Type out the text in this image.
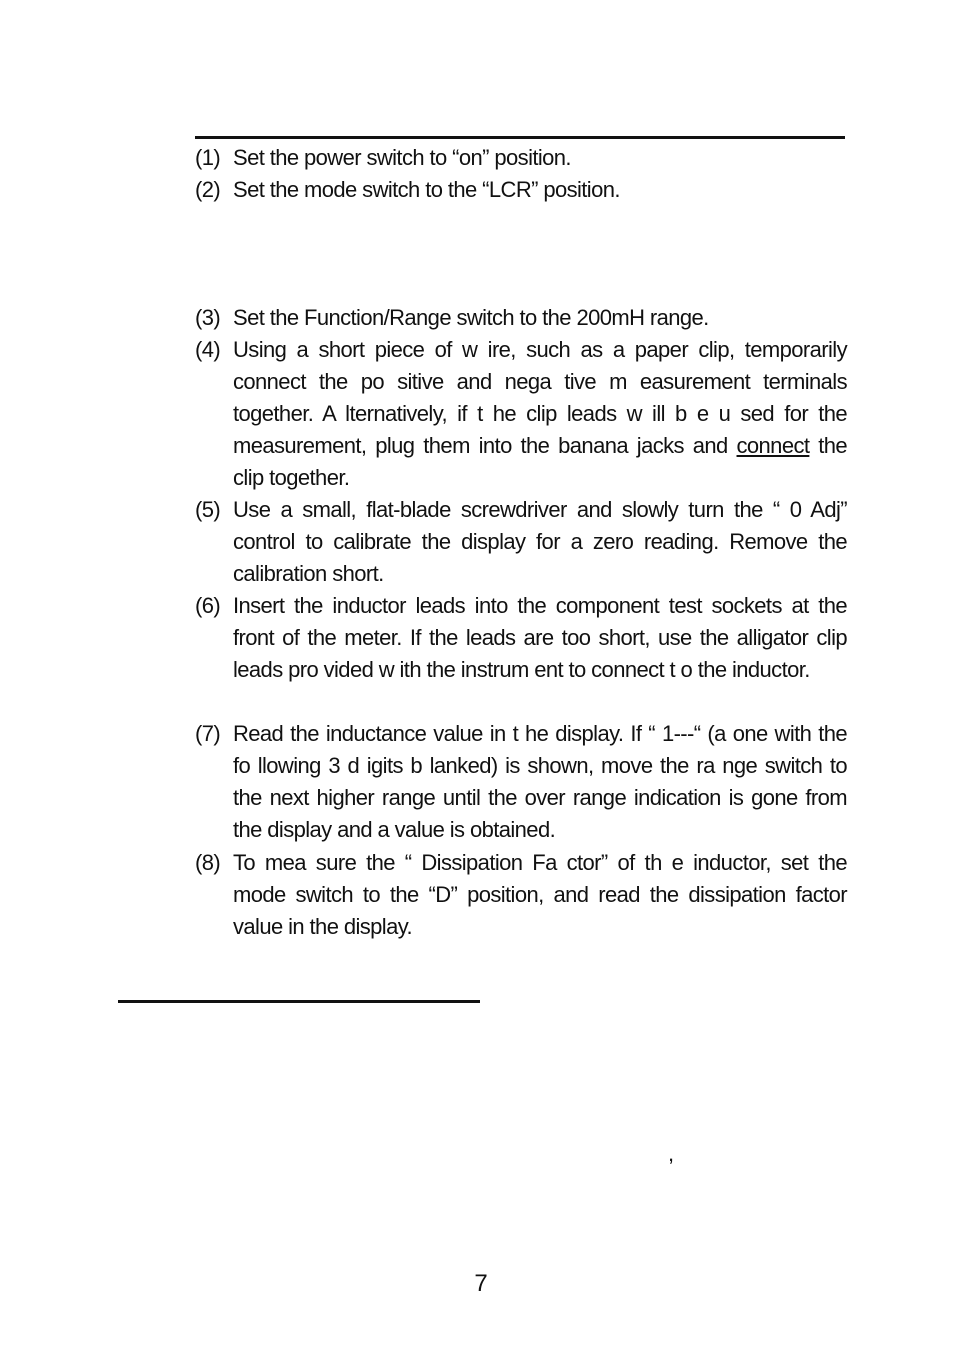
(1) Set the power switch to “on” position.
(2) Set the mode switch to the “LCR” position.
(3) Set the Function/Range switch to the 200mH range.
(4) Using a short piece of w ire, such as a paper clip, temporarily connect the po sitive and nega tive m easurement terminals together. A lternatively, if t he clip leads w ill b e u sed for the measurement, plug them into the banana jacks and connect the clip together.
(5) Use a small, flat-blade screwdriver and slowly turn the “ 0 Adj” control to calibrate the display for a zero reading. Remove the calibration short.
(6) Insert the inductor leads into the component test sockets at the front of the meter. If the leads are too short, use the alligator clip leads pro vided w ith the instrum ent to connect t o the inductor.
(7) Read the inductance value in t he display. If “ 1---“ (a one with the fo llowing 3 d igits b lanked) is shown, move the ra nge switch to the next higher range until the over range indication is gone from the display and a value is obtained.
(8) To mea sure the “ Dissipation Fa ctor” of th e inductor, set the mode switch to the “D” position, and read the dissipation factor value in the display.
,
7
